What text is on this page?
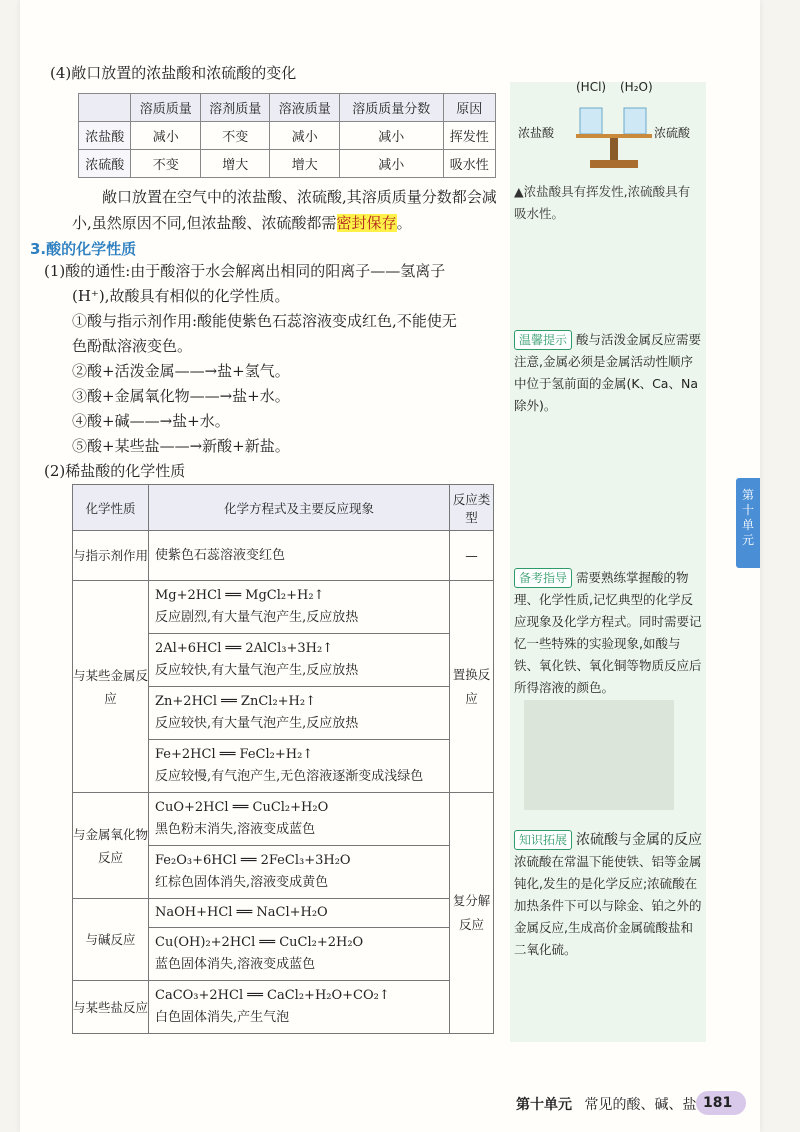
(4)敞口放置的浓盐酸和浓硫酸的变化
	溶质质量	溶剂质量	溶液质量	溶质质量分数	原因
浓盐酸	减小	不变	减小	减小	挥发性
浓硫酸	不变	增大	增大	减小	吸水性

敞口放置在空气中的浓盐酸、浓硫酸,其溶质质量分数都会减小,虽然原因不同,但浓盐酸、浓硫酸都需密封保存。

3.酸的化学性质
(1)酸的通性:由于酸溶于水会解离出相同的阳离子——氢离子
(H⁺),故酸具有相似的化学性质。
①酸与指示剂作用:酸能使紫色石蕊溶液变成红色,不能使无
色酚酞溶液变色。
②酸+活泼金属——→盐+氢气。
③酸+金属氧化物——→盐+水。
④酸+碱——→盐+水。
⑤酸+某些盐——→新酸+新盐。
(2)稀盐酸的化学性质
化学性质	化学方程式及主要反应现象	反应类型
与指示剂作用	使紫色石蕊溶液变红色	—
与某些金属反应	Mg+2HCl ══ MgCl₂+H₂↑
反应剧烈,有大量气泡产生,反应放热	置换反应

	2Al+6HCl ══ 2AlCl₃+3H₂↑
反应较快,有大量气泡产生,反应放热	

	Zn+2HCl ══ ZnCl₂+H₂↑
反应较快,有大量气泡产生,反应放热	

	Fe+2HCl ══ FeCl₂+H₂↑
反应较慢,有气泡产生,无色溶液逐渐变成浅绿色	

与金属氧化物反应	CuO+2HCl ══ CuCl₂+H₂O
黑色粉末消失,溶液变成蓝色	复分解反应

	Fe₂O₃+6HCl ══ 2FeCl₃+3H₂O
红棕色固体消失,溶液变成黄色	

与碱反应	NaOH+HCl ══ NaCl+H₂O	

	Cu(OH)₂+2HCl ══ CuCl₂+2H₂O
蓝色固体消失,溶液变成蓝色	

与某些盐反应	CaCO₃+2HCl ══ CaCl₂+H₂O+CO₂↑
白色固体消失,产生气泡	
(HCl) (H₂O)
浓盐酸	浓硫酸
▲浓盐酸具有挥发性,浓硫酸具有吸水性。
温馨提示 酸与活泼金属反应需要注意,金属必须是金属活动性顺序中位于氢前面的金属(K、Ca、Na除外)。
备考指导 需要熟练掌握酸的物理、化学性质,记忆典型的化学反应现象及化学方程式。同时需要记忆一些特殊的实验现象,如酸与铁、氧化铁、氧化铜等物质反应后所得溶液的颜色。
知识拓展 浓硫酸与金属的反应
浓硫酸在常温下能使铁、铝等金属钝化,发生的是化学反应;浓硫酸在加热条件下可以与除金、铂之外的金属反应,生成高价金属硫酸盐和二氧化硫。
第
十
单
元
第十单元 常见的酸、碱、盐 181
